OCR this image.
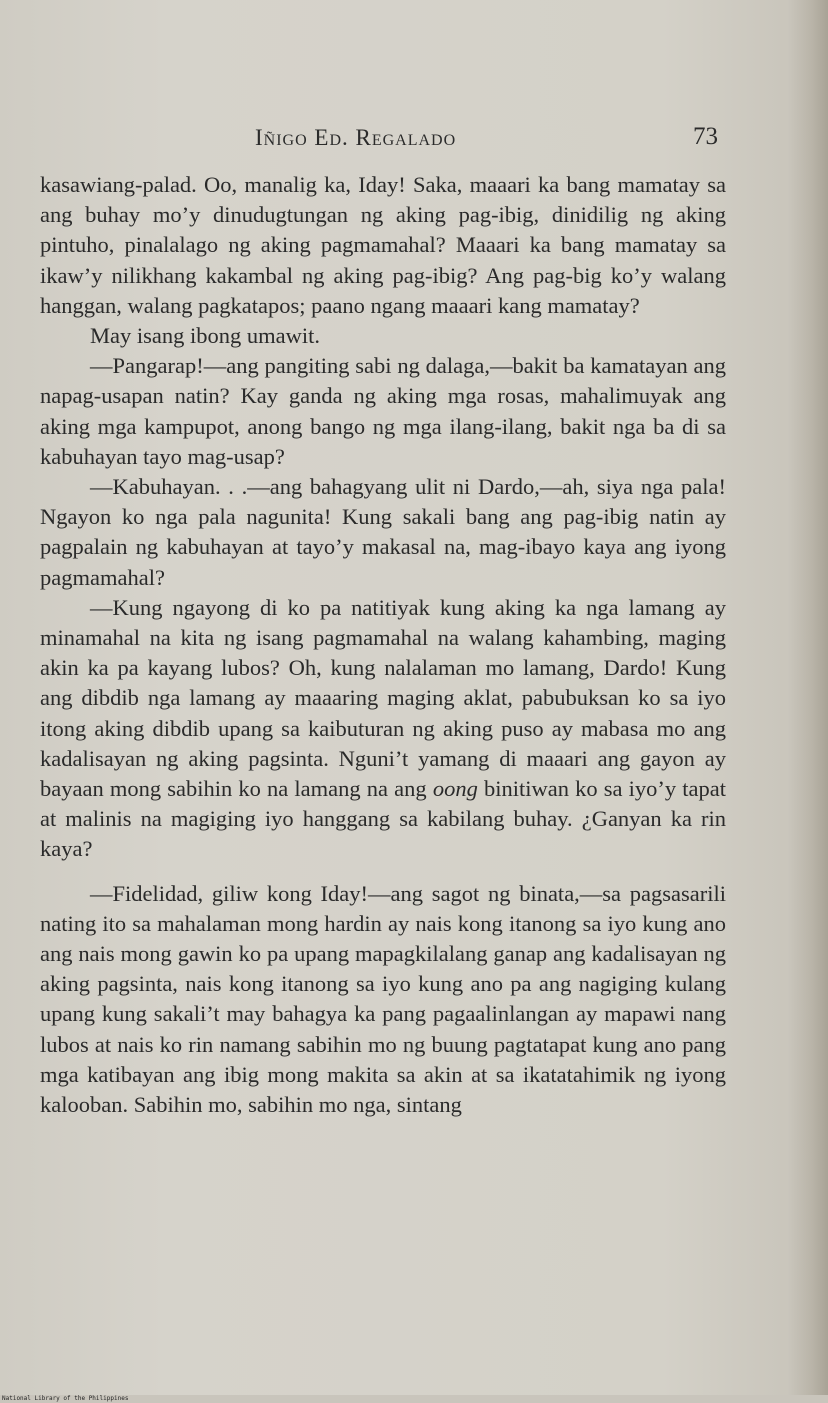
Iñigo Ed. Regalado	73

kasawiang-palad. Oo, manalig ka, Iday! Saka, maaari ka bang mamatay sa ang buhay mo’y dinudugtungan ng aking pag-ibig, dinidilig ng aking pintuho, pinalalago ng aking pagmamahal? Maaari ka bang mamatay sa ikaw’y nilikhang kakambal ng aking pag-ibig? Ang pag-big ko’y walang hanggan, walang pagkatapos; paano ngang maaari kang mamatay?

May isang ibong umawit.

—Pangarap!—ang pangiting sabi ng dalaga,—bakit ba kamatayan ang napag-usapan natin? Kay ganda ng aking mga rosas, mahalimuyak ang aking mga kampupot, anong bango ng mga ilang-ilang, bakit nga ba di sa kabuhayan tayo mag-usap?

—Kabuhayan. . .—ang bahagyang ulit ni Dardo,—ah, siya nga pala! Ngayon ko nga pala nagunita! Kung sakali bang ang pag-ibig natin ay pagpalain ng kabuhayan at tayo’y makasal na, mag-ibayo kaya ang iyong pagmamahal?

—Kung ngayong di ko pa natitiyak kung aking ka nga lamang ay minamahal na kita ng isang pagmamahal na walang kahambing, maging akin ka pa kayang lubos? Oh, kung nalalaman mo lamang, Dardo! Kung ang dibdib nga lamang ay maaaring maging aklat, pabubuksan ko sa iyo itong aking dibdib upang sa kaibuturan ng aking puso ay mabasa mo ang kadalisayan ng aking pagsinta. Nguni’t yamang di maaari ang gayon ay bayaan mong sabihin ko na lamang na ang oong binitiwan ko sa iyo’y tapat at malinis na magiging iyo hanggang sa kabilang buhay. ¿Ganyan ka rin kaya?

—Fidelidad, giliw kong Iday!—ang sagot ng binata,—sa pagsasarili nating ito sa mahalaman mong hardin ay nais kong itanong sa iyo kung ano ang nais mong gawin ko pa upang mapagkilalang ganap ang kadalisayan ng aking pagsinta, nais kong itanong sa iyo kung ano pa ang nagiging kulang upang kung sakali’t may bahagya ka pang pagaalinlangan ay mapawi nang lubos at nais ko rin namang sabihin mo ng buung pagtatapat kung ano pang mga katibayan ang ibig mong makita sa akin at sa ikatatahimik ng iyong kalooban. Sabihin mo, sabihin mo nga, sintang

National Library of the Philippines
